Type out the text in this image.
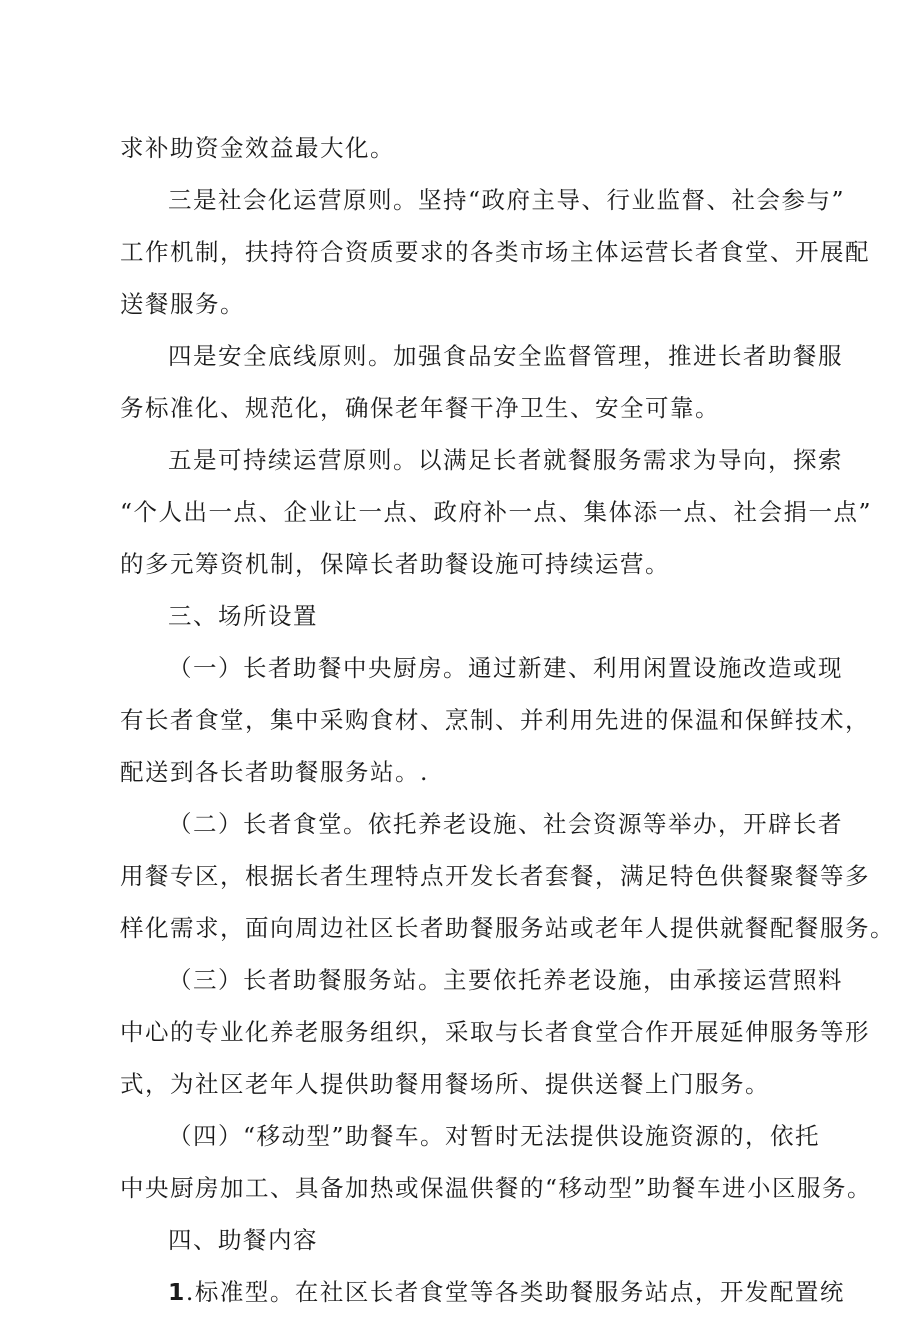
求补助资金效益最大化。
三是社会化运营原则。坚持“政府主导、行业监督、社会参与”
工作机制，扶持符合资质要求的各类市场主体运营长者食堂、开展配
送餐服务。
四是安全底线原则。加强食品安全监督管理，推进长者助餐服
务标准化、规范化，确保老年餐干净卫生、安全可靠。
五是可持续运营原则。以满足长者就餐服务需求为导向，探索
“个人出一点、企业让一点、政府补一点、集体添一点、社会捐一点”
的多元筹资机制，保障长者助餐设施可持续运营。
三、场所设置
（一）长者助餐中央厨房。通过新建、利用闲置设施改造或现
有长者食堂，集中采购食材、烹制、并利用先进的保温和保鲜技术，
配送到各长者助餐服务站。.
（二）长者食堂。依托养老设施、社会资源等举办，开辟长者
用餐专区，根据长者生理特点开发长者套餐，满足特色供餐聚餐等多
样化需求，面向周边社区长者助餐服务站或老年人提供就餐配餐服务。
（三）长者助餐服务站。主要依托养老设施，由承接运营照料
中心的专业化养老服务组织，采取与长者食堂合作开展延伸服务等形
式，为社区老年人提供助餐用餐场所、提供送餐上门服务。
（四）“移动型”助餐车。对暂时无法提供设施资源的，依托
中央厨房加工、具备加热或保温供餐的“移动型”助餐车进小区服务。
四、助餐内容
1.标准型。在社区长者食堂等各类助餐服务站点，开发配置统
